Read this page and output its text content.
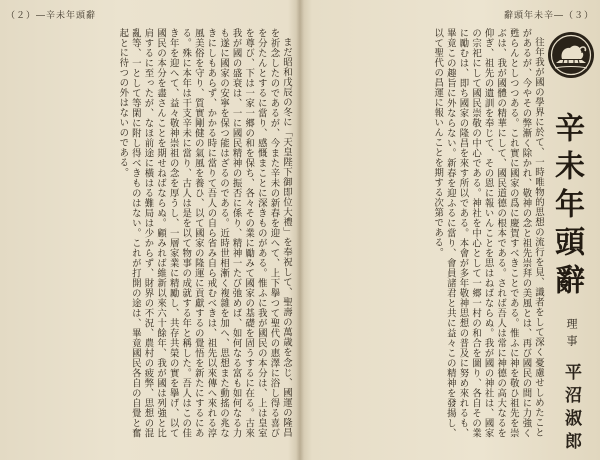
（２）―辛未年頭辭

まだ昭和戊辰の冬に「天皇陛下御即位大禮」を奉祝して、聖壽の萬歳を念じ、國運の隆昌を祈念したのであるが、今また辛未の新春を迎へて、上下擧つて聖代の惠澤に浴し得る喜びを分たんとするに當り、感慨まことに深きものがある。惟ふに我が國民の本分は、上は皇室を尊び、下は一家一郷の和を保ち、各々その業に勵みて國家の基礎を固うするに在る。古來我が國の盛衰は、一に國民精神の振否に係り、精神一たび弛めば、如何なる富も如何なる力も遂に國家の安寧を保つ能はざるのである。近時世相漸く複雜を加へ、思想また動搖の兆なきにしもあらず、かかる時に當りて吾人の自ら省み自ら戒むべきは、祖先以來傳へ來れる淳風美俗を守り、質實剛健の氣風を養ひ、以て國家の隆運に貢獻するの覺悟を新たにするにある。殊に本年は干支辛未に當り、古人は是を以て物事の成就する年と稱した。吾人はこの佳き年を迎へて、益々敬神崇祖の念を厚うし、一層家業に精勵し、共存共榮の實を擧げ、以て國民の本分を盡さんことを期せねばならぬ。顧みれば維新以來六十餘年、我が國は列強と比肩するに至ったが、なほ前途に橫はる難局は少からず、財界の不況、農村の疲弊、思想の混亂等、一として等閑に附し得べきものはない。これが打開の途は、畢竟國民各自の自覺と奮起とに待つの外はないのである。

辭頭年未辛―（３）

往年我が國の學界に於て、一時唯物的思想の流行を見、識者をして深く憂慮せしめたことがあるが、今やその弊漸く除かれ、敬神の念と祖先崇拜の美風とは、再び國民の間に力強く甦らんとしつつある。これ實に國家の爲に慶賀すべきことである。惟ふに神を敬ひ祖先を崇ぶは、我が國體の精華にして、國民道德の根本である。されば吾人は常に神德の高大なるを仰ぎ、祖先の遺訓を奉じて、その恩に報いんことを思はねばならぬ。我が國の神社は、國家の宗祀にして國民崇敬の中心である。神社を中心として一郷一村の和合を圖り、各自その業に勵むは、即ち國家の隆昌を來す所以である。本會が多年敬神思想の普及に努め來れるも、畢竟この趣旨に外ならない。新春を迎ふるに當り、會員諸君と共に益々この精神を發揚し、以て聖代の昌運に報いんことを期する次第である。	辛未年頭辭
理事 平沼淑郎
